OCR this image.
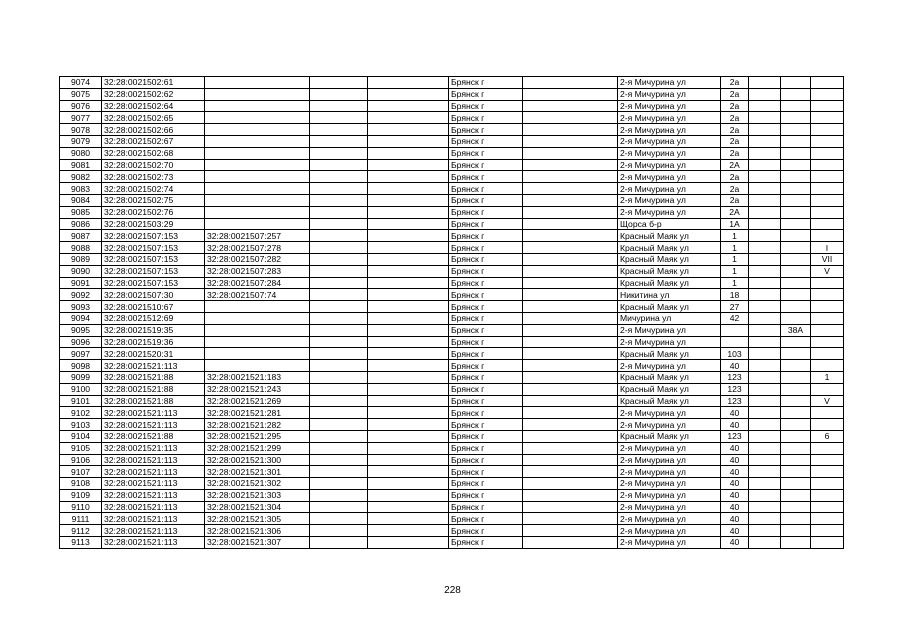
9074	32:28:0021502:61				Брянск г		2-я Мичурина ул	2а			
9075	32:28:0021502:62				Брянск г		2-я Мичурина ул	2а			
9076	32:28:0021502:64				Брянск г		2-я Мичурина ул	2а			
9077	32:28:0021502:65				Брянск г		2-я Мичурина ул	2а			
9078	32:28:0021502:66				Брянск г		2-я Мичурина ул	2а			
9079	32:28:0021502:67				Брянск г		2-я Мичурина ул	2а			
9080	32:28:0021502:68				Брянск г		2-я Мичурина ул	2а			
9081	32:28:0021502:70				Брянск г		2-я Мичурина ул	2А			
9082	32:28:0021502:73				Брянск г		2-я Мичурина ул	2а			
9083	32:28:0021502:74				Брянск г		2-я Мичурина ул	2а			
9084	32:28:0021502:75				Брянск г		2-я Мичурина ул	2а			
9085	32:28:0021502:76				Брянск г		2-я Мичурина ул	2А			
9086	32:28:0021503:29				Брянск г		Щорса б-р	1А			
9087	32:28:0021507:153	32:28:0021507:257			Брянск г		Красный Маяк ул	1			
9088	32:28:0021507:153	32:28:0021507:278			Брянск г		Красный Маяк ул	1			I
9089	32:28:0021507:153	32:28:0021507:282			Брянск г		Красный Маяк ул	1			VII
9090	32:28:0021507:153	32:28:0021507:283			Брянск г		Красный Маяк ул	1			V
9091	32:28:0021507:153	32:28:0021507:284			Брянск г		Красный Маяк ул	1			
9092	32:28:0021507:30	32:28:0021507:74			Брянск г		Никитина ул	18			
9093	32:28:0021510:67				Брянск г		Красный Маяк ул	27			
9094	32:28:0021512:69				Брянск г		Мичурина ул	42			
9095	32:28:0021519:35				Брянск г		2-я Мичурина ул			38А	
9096	32:28:0021519:36				Брянск г		2-я Мичурина ул				
9097	32:28:0021520:31				Брянск г		Красный Маяк ул	103			
9098	32:28:0021521:113				Брянск г		2-я Мичурина ул	40			
9099	32:28:0021521:88	32:28:0021521:183			Брянск г		Красный Маяк ул	123			1
9100	32:28:0021521:88	32:28:0021521:243			Брянск г		Красный Маяк ул	123			
9101	32:28:0021521:88	32:28:0021521:269			Брянск г		Красный Маяк ул	123			V
9102	32:28:0021521:113	32:28:0021521:281			Брянск г		2-я Мичурина ул	40			
9103	32:28:0021521:113	32:28:0021521:282			Брянск г		2-я Мичурина ул	40			
9104	32:28:0021521:88	32:28:0021521:295			Брянск г		Красный Маяк ул	123			6
9105	32:28:0021521:113	32:28:0021521:299			Брянск г		2-я Мичурина ул	40			
9106	32:28:0021521:113	32:28:0021521:300			Брянск г		2-я Мичурина ул	40			
9107	32:28:0021521:113	32:28:0021521:301			Брянск г		2-я Мичурина ул	40			
9108	32:28:0021521:113	32:28:0021521:302			Брянск г		2-я Мичурина ул	40			
9109	32:28:0021521:113	32:28:0021521:303			Брянск г		2-я Мичурина ул	40			
9110	32:28:0021521:113	32:28:0021521:304			Брянск г		2-я Мичурина ул	40			
9111	32:28:0021521:113	32:28:0021521:305			Брянск г		2-я Мичурина ул	40			
9112	32:28:0021521:113	32:28:0021521:306			Брянск г		2-я Мичурина ул	40			
9113	32:28:0021521:113	32:28:0021521:307			Брянск г		2-я Мичурина ул	40			
228
